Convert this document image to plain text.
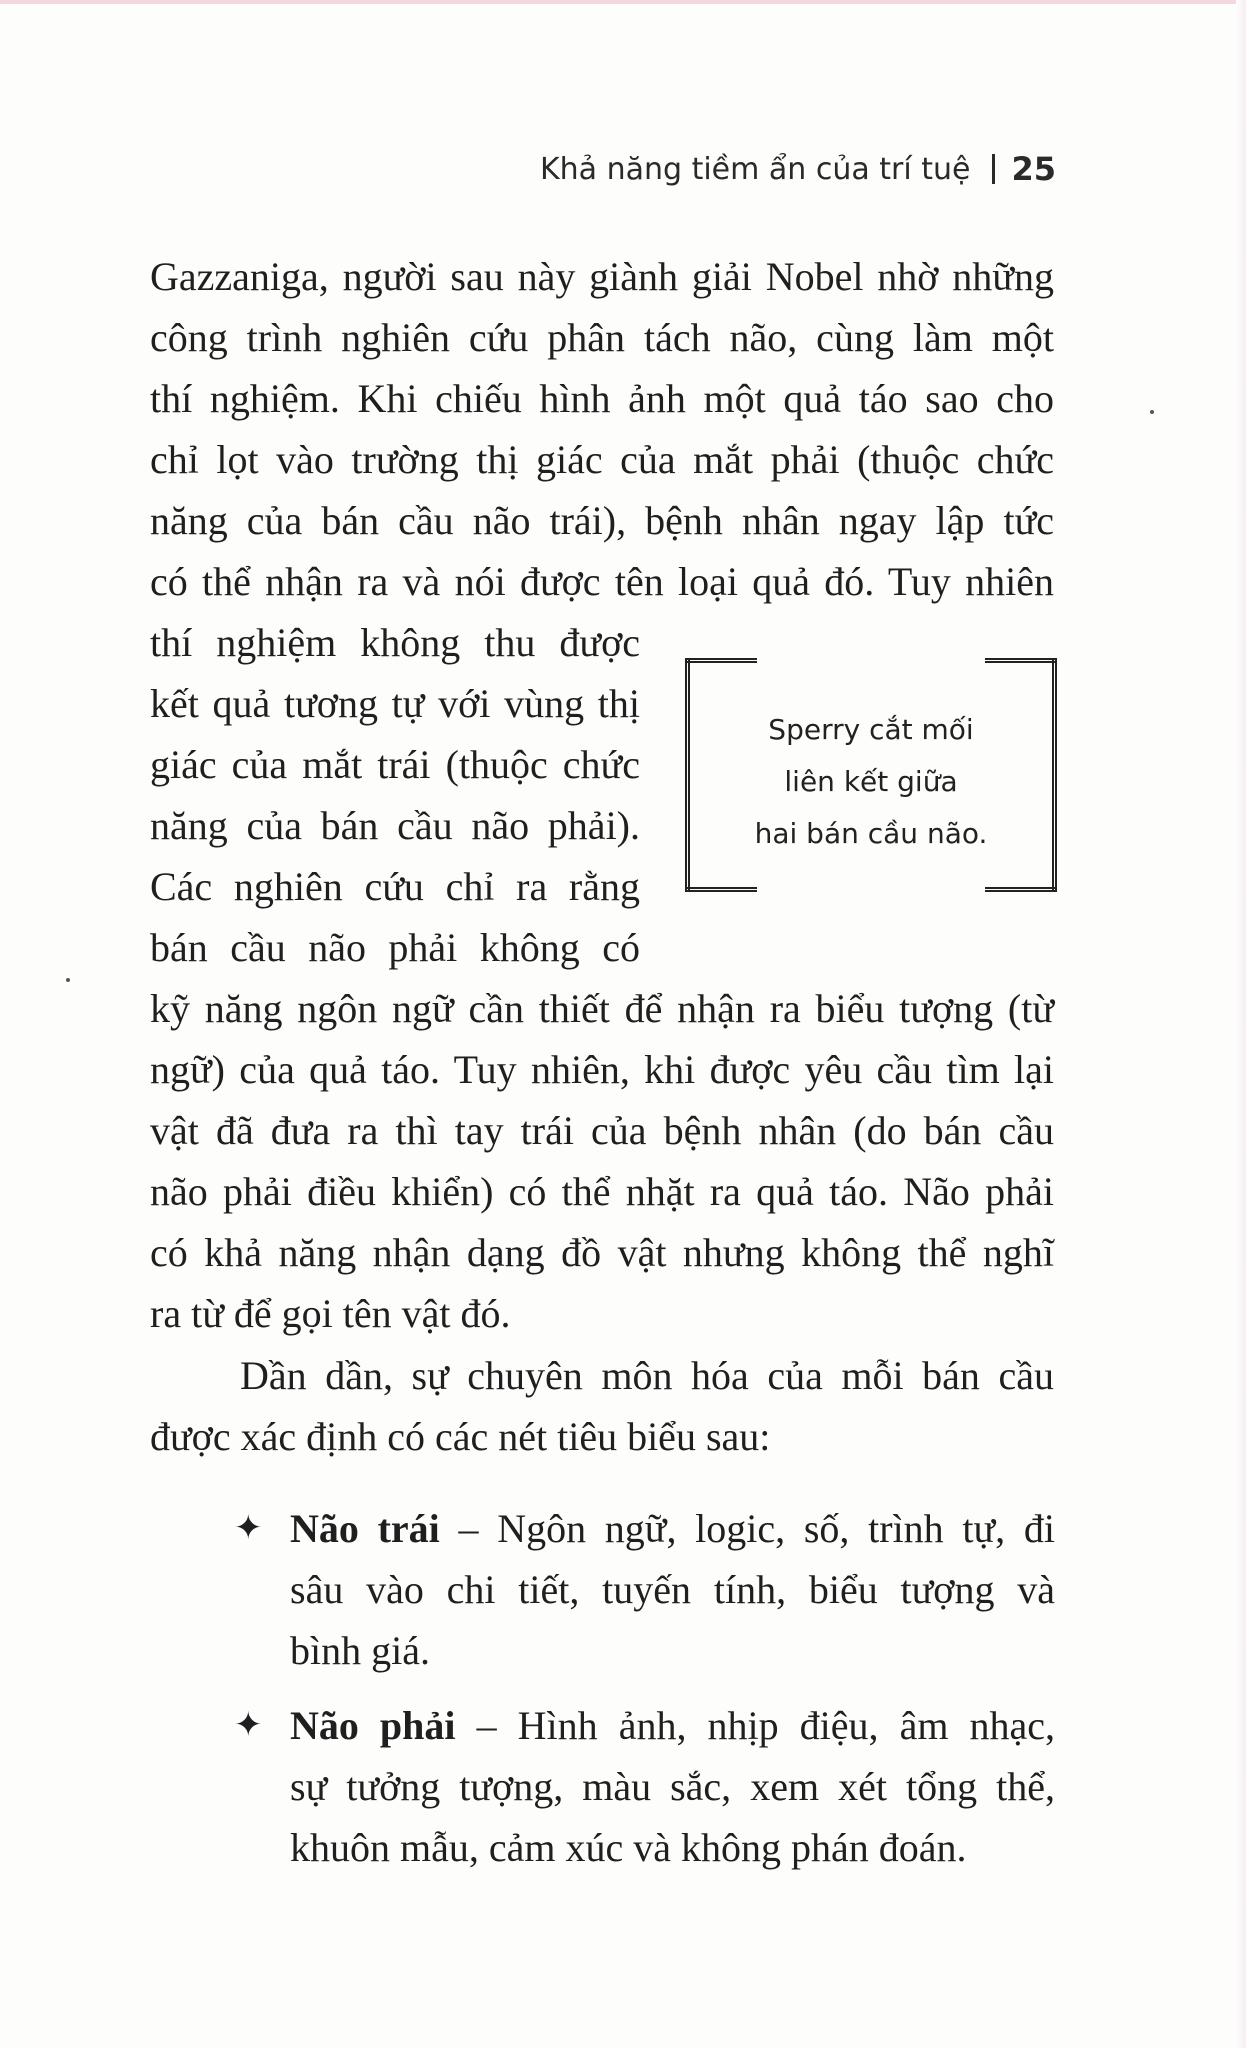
Khả năng tiềm ẩn của trí tuệ 25
Gazzaniga, người sau này giành giải Nobel nhờ những
công trình nghiên cứu phân tách não, cùng làm một
thí nghiệm. Khi chiếu hình ảnh một quả táo sao cho
chỉ lọt vào trường thị giác của mắt phải (thuộc chức
năng của bán cầu não trái), bệnh nhân ngay lập tức
có thể nhận ra và nói được tên loại quả đó. Tuy nhiên
thí nghiệm không thu được
kết quả tương tự với vùng thị
giác của mắt trái (thuộc chức
năng của bán cầu não phải).
Các nghiên cứu chỉ ra rằng
bán cầu não phải không có
Sperry cắt mối
liên kết giữa
hai bán cầu não.
kỹ năng ngôn ngữ cần thiết để nhận ra biểu tượng (từ
ngữ) của quả táo. Tuy nhiên, khi được yêu cầu tìm lại
vật đã đưa ra thì tay trái của bệnh nhân (do bán cầu
não phải điều khiển) có thể nhặt ra quả táo. Não phải
có khả năng nhận dạng đồ vật nhưng không thể nghĩ
ra từ để gọi tên vật đó.
Dần dần, sự chuyên môn hóa của mỗi bán cầu
được xác định có các nét tiêu biểu sau:
✦ Não trái – Ngôn ngữ, logic, số, trình tự, đi
sâu vào chi tiết, tuyến tính, biểu tượng và
bình giá.
✦ Não phải – Hình ảnh, nhịp điệu, âm nhạc,
sự tưởng tượng, màu sắc, xem xét tổng thể,
khuôn mẫu, cảm xúc và không phán đoán.
